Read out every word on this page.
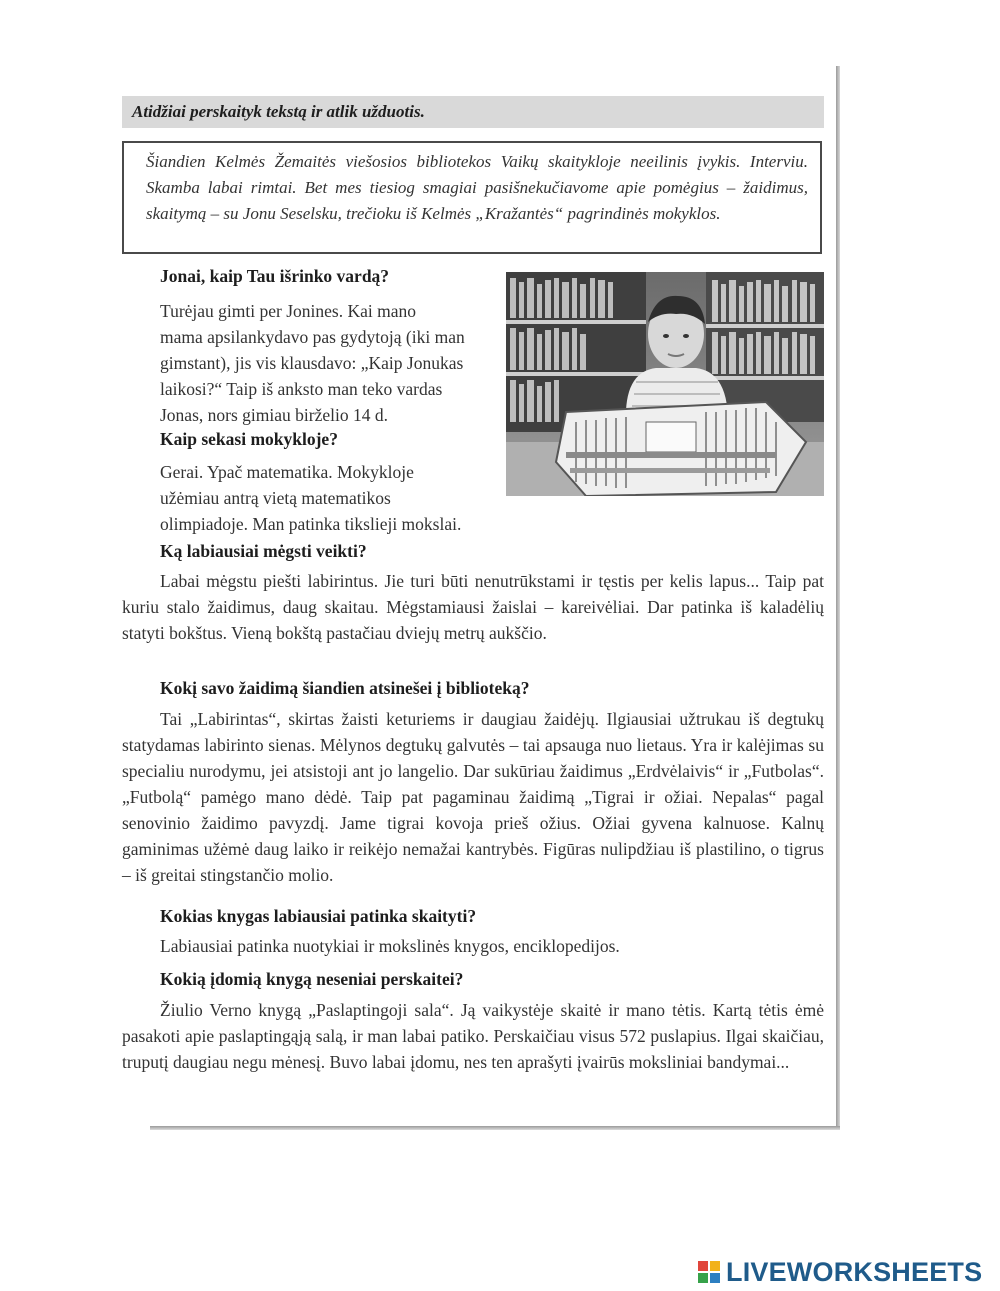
Atidžiai perskaityk tekstą ir atlik užduotis.
Šiandien Kelmės Žemaitės viešosios bibliotekos Vaikų skaitykloje neeilinis įvykis. Interviu. Skamba labai rimtai. Bet mes tiesiog smagiai pasišnekučiavome apie pomėgius – žaidimus, skaitymą – su Jonu Seselsku, trečioku iš Kelmės „Kražantės“ pagrindinės mokyklos.
Jonai, kaip Tau išrinko vardą?
Turėjau gimti per Jonines. Kai mano
mama apsilankydavo pas gydytoją (iki man
gimstant), jis vis klausdavo: „Kaip Jonukas
laikosi?“ Taip iš anksto man teko vardas
Jonas, nors gimiau birželio 14 d.
Kaip sekasi mokykloje?
Gerai. Ypač matematika. Mokykloje
užėmiau antrą vietą matematikos
olimpiadoje. Man patinka tikslieji mokslai.
Ką labiausiai mėgsti veikti?
Labai mėgstu piešti labirintus. Jie turi būti nenutrūkstami ir tęstis per kelis lapus... Taip pat kuriu stalo žaidimus, daug skaitau. Mėgstamiausi žaislai – kareivėliai. Dar patinka iš kaladėlių statyti bokštus. Vieną bokštą pastačiau dviejų metrų aukščio.
Kokį savo žaidimą šiandien atsinešei į biblioteką?
Tai „Labirintas“, skirtas žaisti keturiems ir daugiau žaidėjų. Ilgiausiai užtrukau iš degtukų statydamas labirinto sienas. Mėlynos degtukų galvutės – tai apsauga nuo lietaus. Yra ir kalėjimas su specialiu nurodymu, jei atsistoji ant jo langelio. Dar sukūriau žaidimus „Erdvėlaivis“ ir „Futbolas“. „Futbolą“ pamėgo mano dėdė. Taip pat pagaminau žaidimą „Tigrai ir ožiai. Nepalas“ pagal senovinio žaidimo pavyzdį. Jame tigrai kovoja prieš ožius. Ožiai gyvena kalnuose. Kalnų gaminimas užėmė daug laiko ir reikėjo nemažai kantrybės. Figūras nulipdžiau iš plastilino, o tigrus – iš greitai stingstančio molio.
Kokias knygas labiausiai patinka skaityti?
Labiausiai patinka nuotykiai ir mokslinės knygos, enciklopedijos.
Kokią įdomią knygą neseniai perskaitei?
Žiulio Verno knygą „Paslaptingoji sala“. Ją vaikystėje skaitė ir mano tėtis. Kartą tėtis ėmė pasakoti apie paslaptingąją salą, ir man labai patiko. Perskaičiau visus 572 puslapius. Ilgai skaičiau, truputį daugiau negu mėnesį. Buvo labai įdomu, nes ten aprašyti įvairūs moksliniai bandymai...
LIVEWORKSHEETS
